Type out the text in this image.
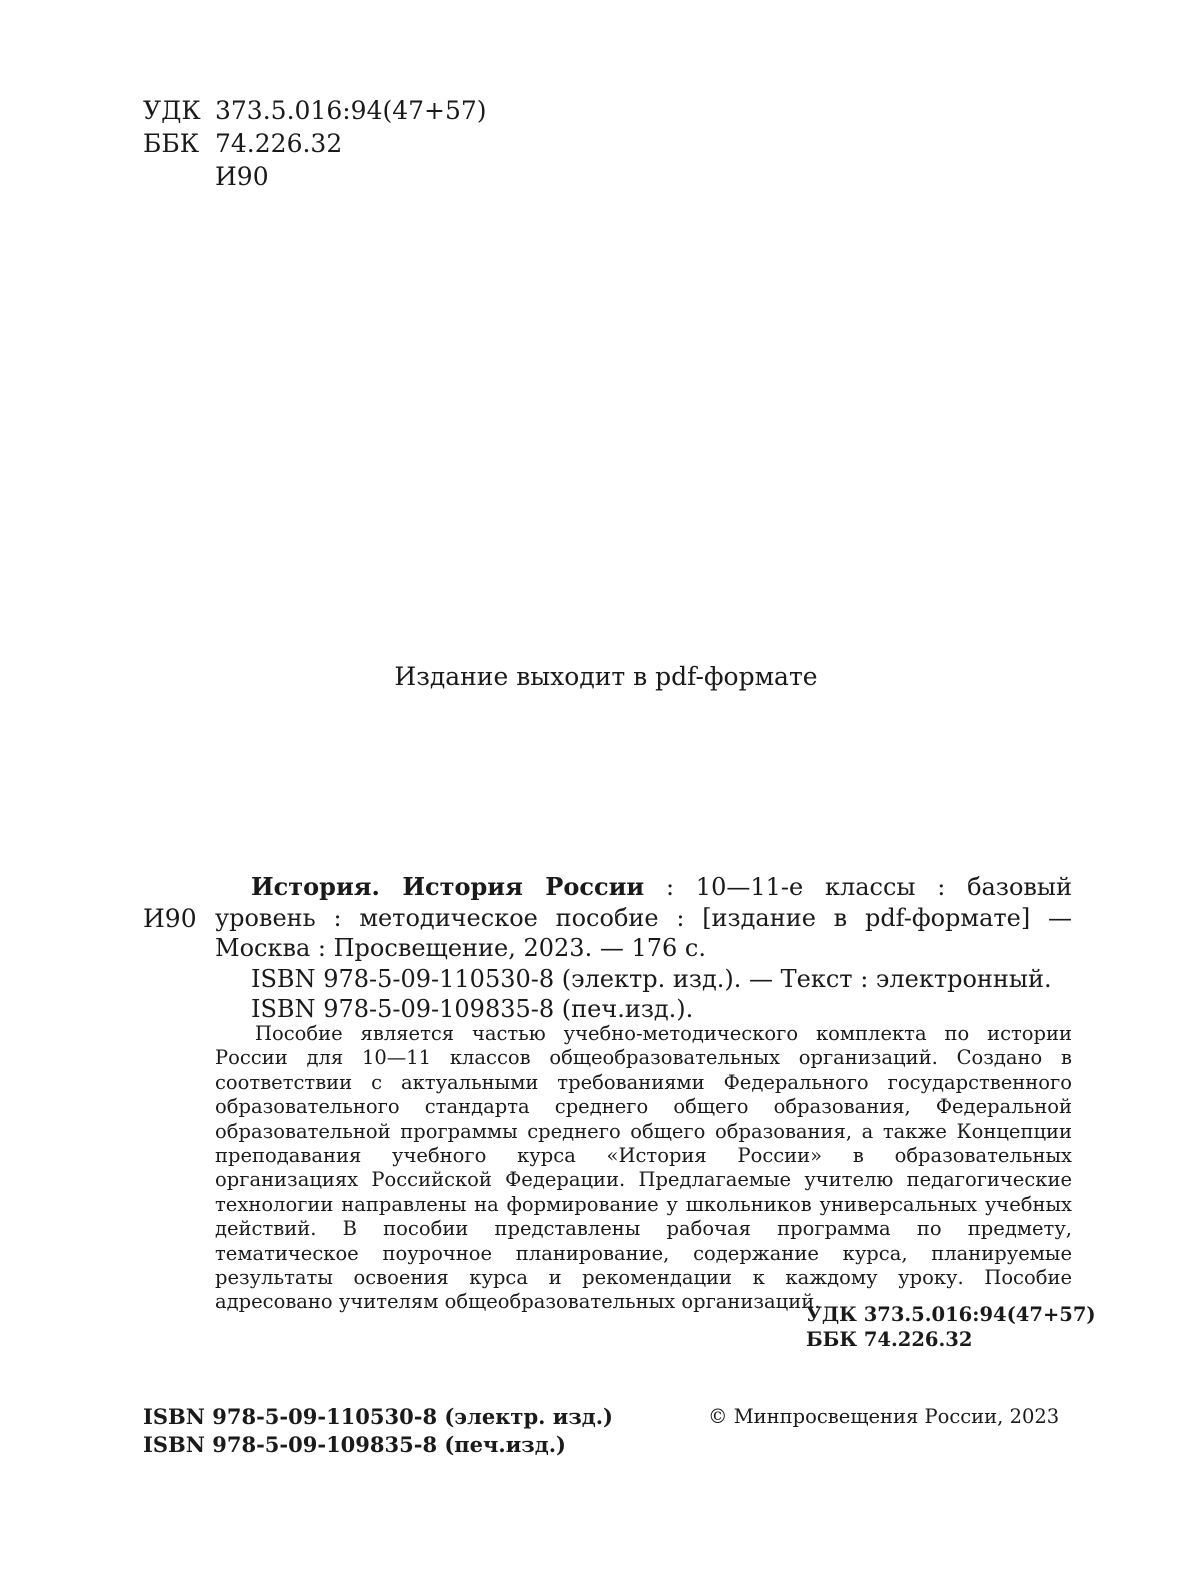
УДК 373.5.016:94(47+57)
ББК 74.226.32
И90

Издание выходит в pdf-формате

И90
История. История России : 10—11-е классы : базовый уровень : методическое пособие : [издание в pdf-формате] — Москва : Просвещение, 2023. — 176 с.
ISBN 978-5-09-110530-8 (электр. изд.). — Текст : электронный.
ISBN 978-5-09-109835-8 (печ.изд.).

Пособие является частью учебно-методического комплекта по истории России для 10—11 классов общеобразовательных организаций. Создано в соответствии с актуальными требованиями Федерального государственного образовательного стандарта среднего общего образования, Федеральной образовательной программы среднего общего образования, а также Концепции преподавания учебного курса «История России» в образовательных организациях Российской Федерации. Предлагаемые учителю педагогические технологии направлены на формирование у школьников универсальных учебных действий. В пособии представлены рабочая программа по предмету, тематическое поурочное планирование, содержание курса, планируемые результаты освоения курса и рекомендации к каждому уроку. Пособие адресовано учителям общеобразовательных организаций.

УДК 373.5.016:94(47+57)
ББК 74.226.32
ISBN 978-5-09-110530-8 (электр. изд.)
ISBN 978-5-09-109835-8 (печ.изд.)
© Минпросвещения России, 2023
